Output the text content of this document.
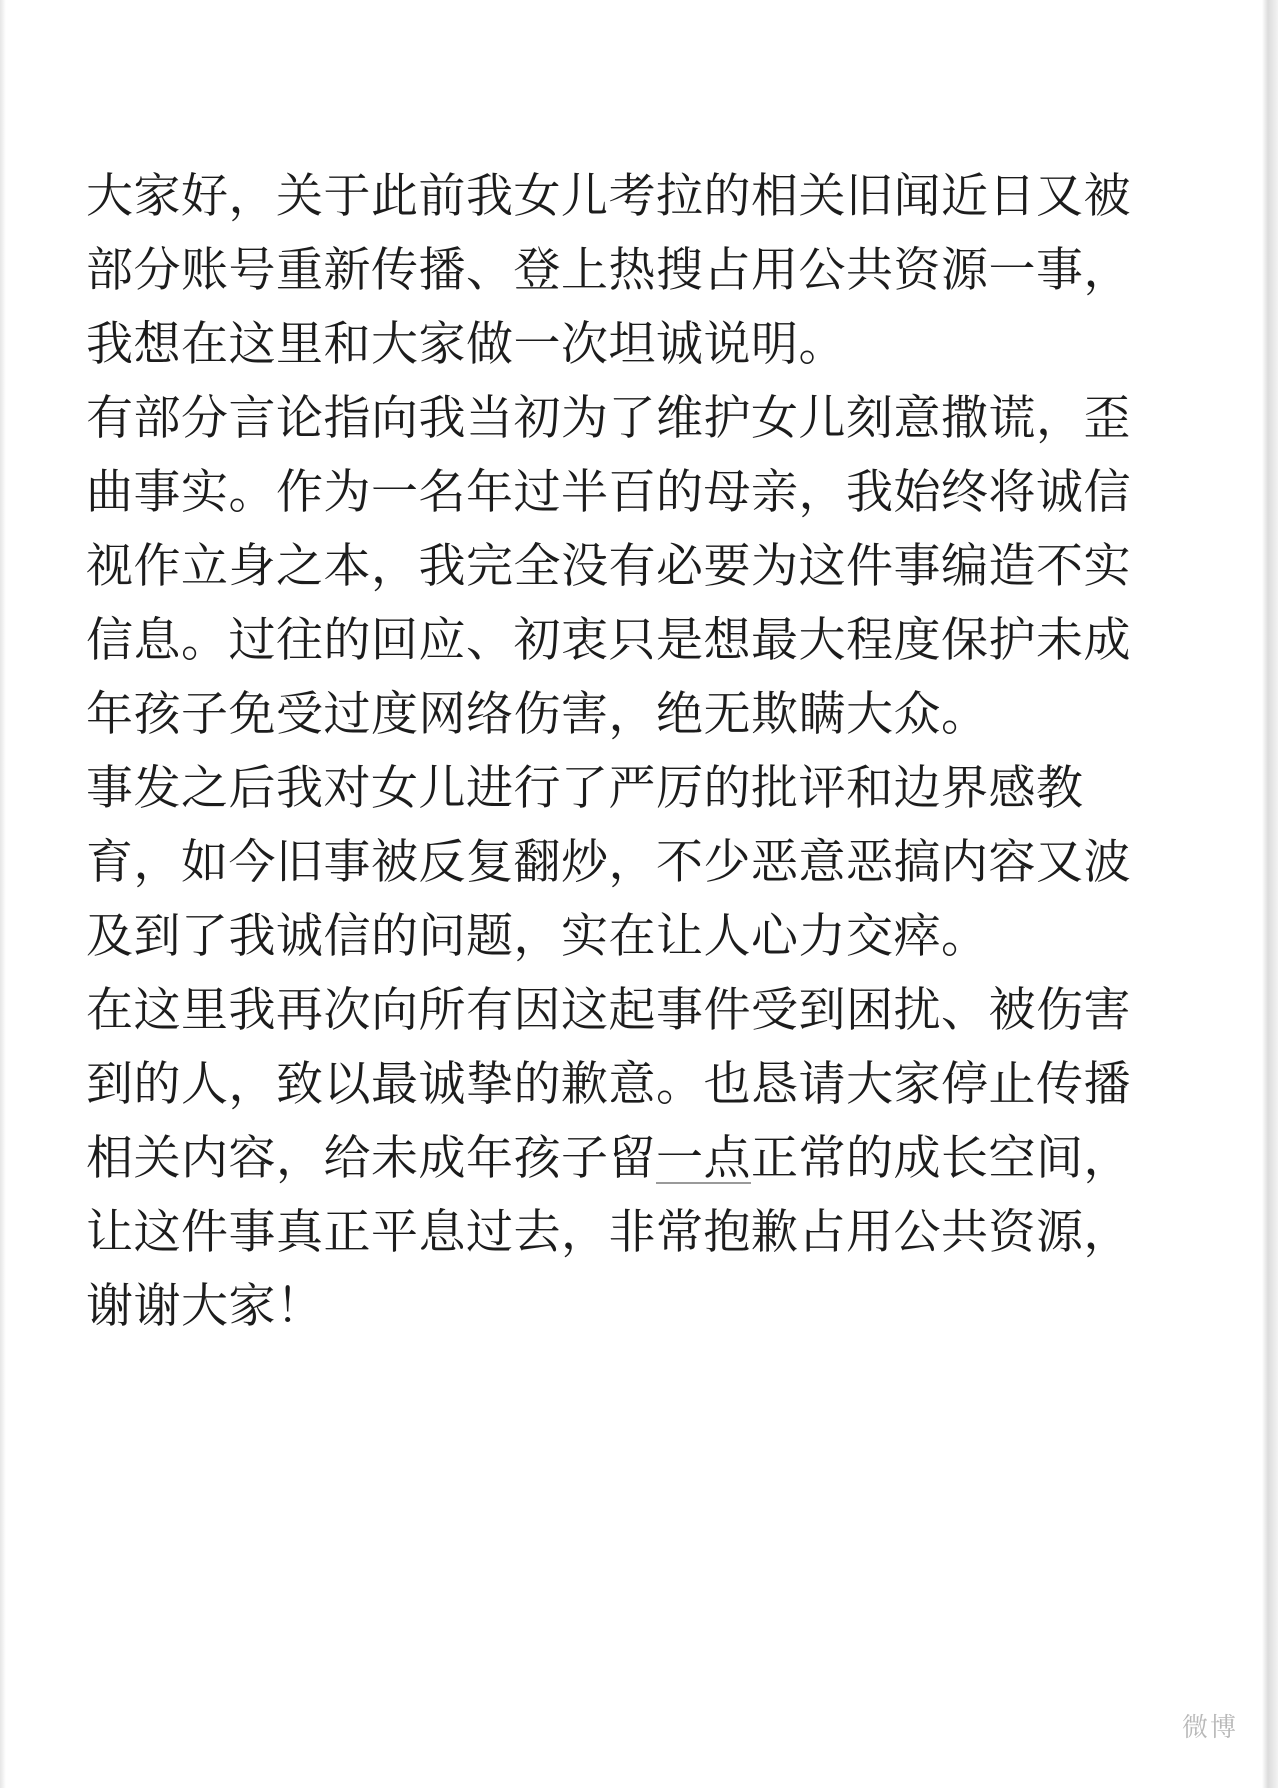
大家好，关于此前我女儿考拉的相关旧闻近日又被部分账号重新传播、登上热搜占用公共资源一事，我想在这里和大家做一次坦诚说明。

有部分言论指向我当初为了维护女儿刻意撒谎，歪曲事实。作为一名年过半百的母亲，我始终将诚信视作立身之本，我完全没有必要为这件事编造不实信息。过往的回应、初衷只是想最大程度保护未成年孩子免受过度网络伤害，绝无欺瞒大众。

事发之后我对女儿进行了严厉的批评和边界感教育，如今旧事被反复翻炒，不少恶意恶搞内容又波及到了我诚信的问题，实在让人心力交瘁。

在这里我再次向所有因这起事件受到困扰、被伤害到的人，致以最诚挚的歉意。也恳请大家停止传播相关内容，给未成年孩子留一点正常的成长空间，让这件事真正平息过去，非常抱歉占用公共资源，谢谢大家！

微博
